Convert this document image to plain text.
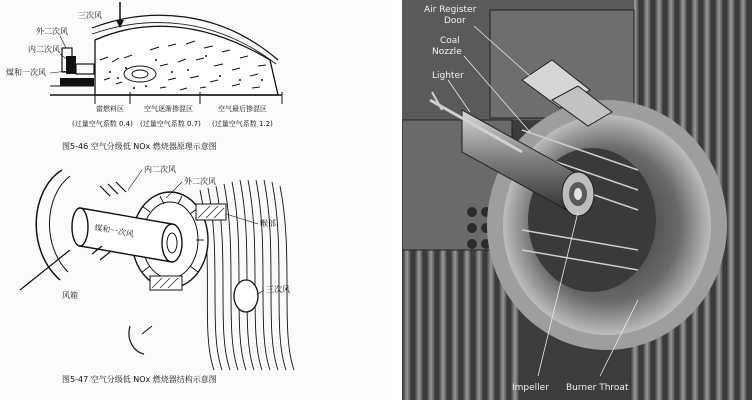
三次风
外二次风
内二次风
煤和一次风
富燃料区
(过量空气系数 0.4)
空气逐渐掺混区
(过量空气系数 0.7)
空气最后掺混区
(过量空气系数 1.2)
图5-46 空气分级低 NOx 燃烧器原理示意图
内二次风
外二次风
煤和一次风	喉部
三次风
风箱
图5-47 空气分级低 NOx 燃烧器结构示意图
Air Register Door
Coal Nozzle
Lighter
Impeller Burner Throat
